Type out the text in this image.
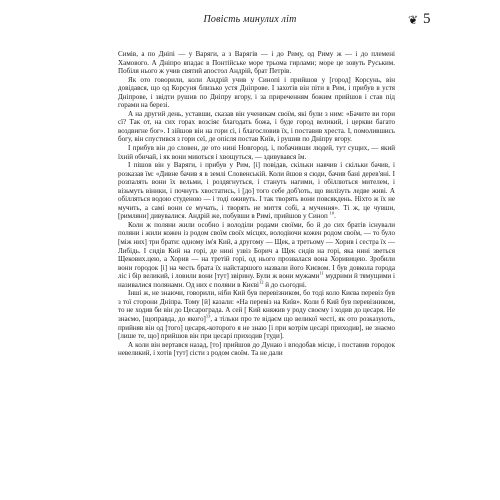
Повість минулих літ	❦ 5

Симів, а по Дніпі — у Варяги, а з Варягів — і до Риму, од Риму ж — і до племені Хамового. А Дніпро впадає в Понтійське море трьома гирлами; море це зовуть Руським. Побіля нього ж учив святий апостол Андрій, брат Петрів.

Як ото говорили, коли Андрій учив у Синопі і прийшов у [город] Корсунь, він довідався, що од Корсуня близько устя Дніпрове. І захотів він піти в Рим, і прибув в устя Дніпрове, і звідти рушив по Дніпру вгору, і за приреченням божим прийшов і став під горами на березі.

А на другий день, уставши, сказав він ученикам своїм, які були з ним: «Бачите ви гори сї? Так от, на сих горах возсіяє благодать божа, і буде город великий, і церкви багато воздвигне бог». І зійшов він на гори сі, і благословив їх, і поставив хреста. І, помолившись богу, він спустився з гори сеї, де опісля постав Київ, і рушив по Дніпру вгору.

І прибув він до словен, де ото нині Новгород, і, побачивши людей, тут сущих, — який їхній обичай, і як вони миються і хвощуться, — здивувався їм.

І пішов він у Варяги, і прибув у Рим, [і] повідав, скільки навчив і скільки бачив, і розказав їм: «Дивне бачив я в землі Словенській. Коли йшов я сюди, бачив бані дерев'яні. І розпалять вони їх вельми, і роздягнуться, і стануть нагими, і обіллються мителем, і візьмуть віники, і почнуть хвостатись, і [до] того себе доб'ють, що вилізуть ледве живі. А обілляться водою студеною — і тоді оживуть. І так творять вони повсякдень. Ніхто ж їх не мучить, а самі вони се мучать, і творять не миття собі, а мучення». Ті ж, це чувши, [римляни] дивувалися. Андрій же, побувши в Римі, прийшов у Синоп $^{10}$.

Коли ж поляни жили особно і володіли родами своїми, бо й до сих братів існували поляни і жили кожен із родом своїм своїх місцях, володіючи кожен родом своїм, — то було [між них] три брати: одному ім'я Кий, а другому — Щек, а третьому — Хорив і сестра їх — Либідь. І сидів Кий на горі, де нині узвіз Борич а Щек сидів на горі, яка нині зветься Щекових.цею, а Хорив — на третій горі, од нього прозвалася вона Хоривицею. Зробили вони городок [і] на честь брата їх найстаршого назвали його Києвом. І був довкола города ліс і бір великий, і ловили вони [тут] звірину. Були ж вони мужами$^{11}$ мудрими й тямущими і називалися полянами. Од них є поляни в Києві$^{12}$ й до сьогодні.

Інші ж, не знаючи, говорили, ніби Кий був перевізником, бо тоді коло Києва перевіз був з тої сторони Дніпра. Тому [й] казали: «На перевіз на Київ». Коли б Кий був перевізником, то не ходив би він до Цесарограда. А сей [ Кий княжив у роду своєму і ходив до цесаря. Не знаємо, [щоправда, до якого]$^{13}$, а тільки про те відаєм що великої честі, як ото розказують, прийняв він од [того] цесаря,-которого я не знаю [і при котрім цесарі приходив], не знаємо [лише те, що] прийшов він при цесарі приходив [туди].

А коли він вертався назад, [то] прийшов до Дунаю і вподобав місце, і поставив городок невеликий, і хотів [тут] сісти з родом своїм. Та не дали
